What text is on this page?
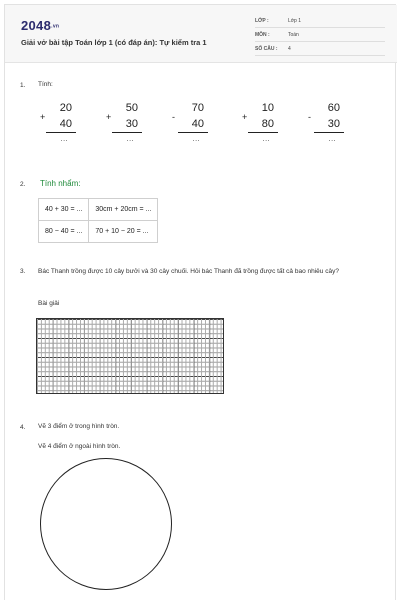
2048.vn
Giải vở bài tập Toán lớp 1 (có đáp án): Tự kiểm tra 1
LỚP :	Lớp 1
MÔN :	Toán
SỐ CÂU : 4
1. Tính:
20
+
40
...
50
+
30
...
70
-
40
...
10
+
80
...
60
-
30
...
2. Tính nhẩm:
40 + 30 = ...	30cm + 20cm = ...
80 − 40 = ...	70 + 10 − 20 = ...
3. Bác Thanh trồng được 10 cây bưởi và 30 cây chuối. Hỏi bác Thanh đã trồng được tất cả bao nhiêu cây?
Bài giải
4. Vẽ 3 điểm ở trong hình tròn.
Vẽ 4 điểm ở ngoài hình tròn.
